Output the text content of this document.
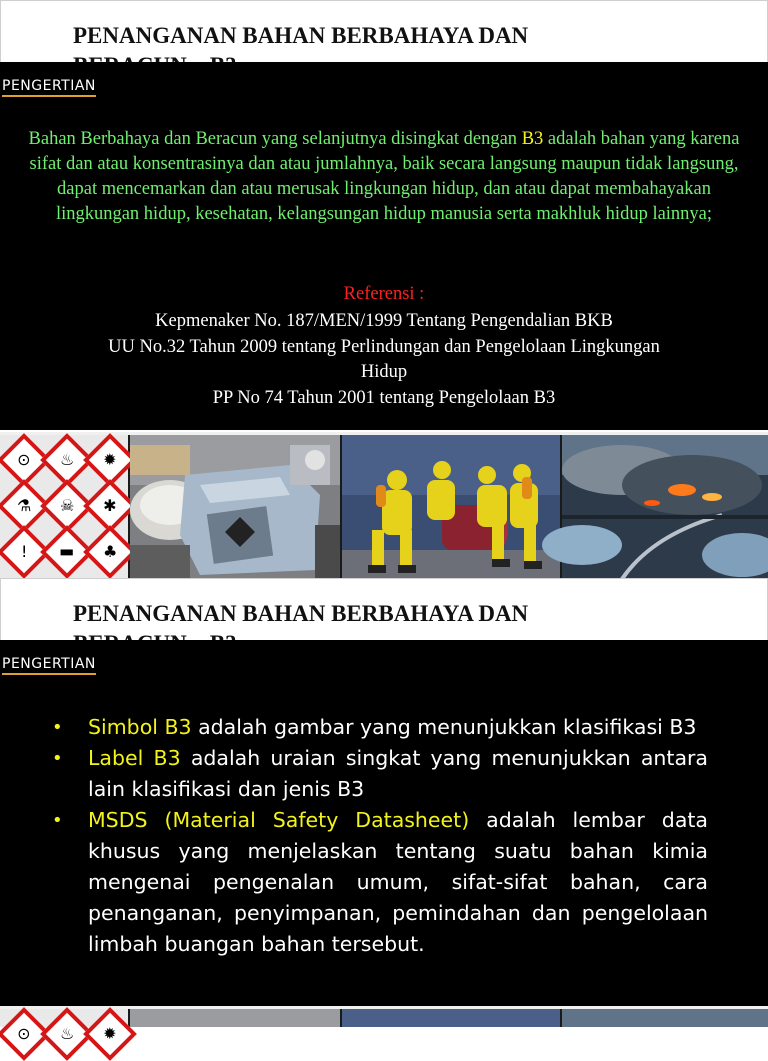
PENANGANAN BAHAN BERBAHAYA DAN
PENGERTIAN

Bahan Berbahaya dan Beracun yang selanjutnya disingkat dengan B3 adalah bahan yang karena sifat dan atau konsentrasinya dan atau jumlahnya, baik secara langsung maupun tidak langsung, dapat mencemarkan dan atau merusak lingkungan hidup, dan atau dapat membahayakan lingkungan hidup, kesehatan, kelangsungan hidup manusia serta makhluk hidup lainnya;

Referensi :
Kepmenaker No. 187/MEN/1999 Tentang Pengendalian BKB
UU No.32 Tahun 2009 tentang Perlindungan dan Pengelolaan Lingkungan Hidup
PP No 74 Tahun 2001 tentang Pengelolaan B3
⊙ ♨ ✹
⚗ ☠ ✱
! ▬ ♣
PENANGANAN BAHAN BERBAHAYA DAN
PENGERTIAN
• Simbol B3 adalah gambar yang menunjukkan klasifikasi B3
• Label B3 adalah uraian singkat yang menunjukkan antara lain klasifikasi dan jenis B3
• MSDS (Material Safety Datasheet) adalah lembar data khusus yang menjelaskan tentang suatu bahan kimia mengenai pengenalan umum, sifat-sifat bahan, cara penanganan, penyimpanan, pemindahan dan pengelolaan limbah buangan bahan tersebut.
⊙ ♨ ✹
